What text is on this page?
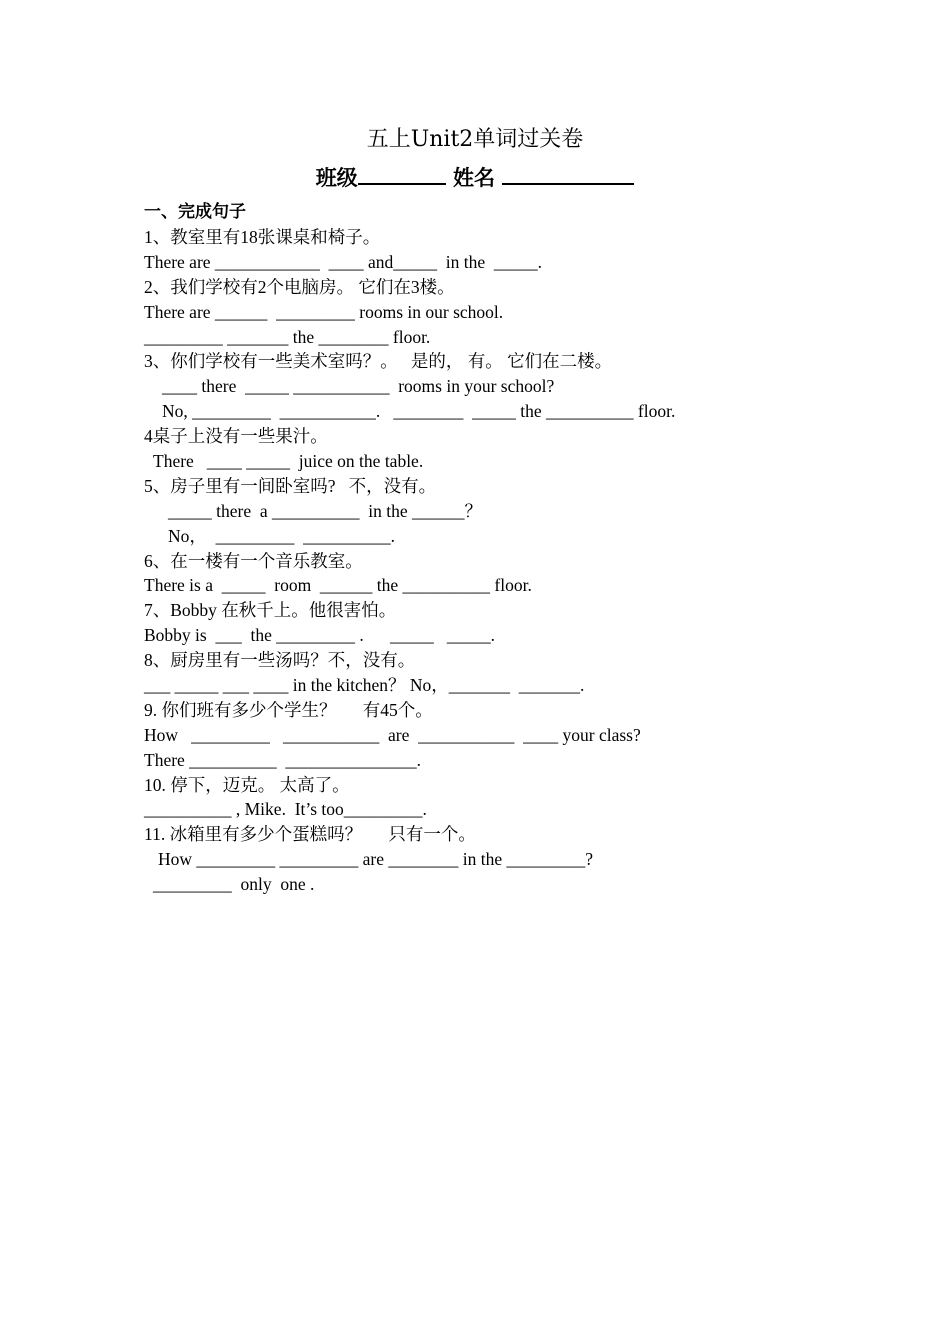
五上Unit2单词过关卷
班级	姓名
一、完成句子
1、教室里有18张课桌和椅子。
There are ____________  ____ and_____  in the  _____.
2、我们学校有2个电脑房。 它们在3楼。
There are ______  _________ rooms in our school.
_________ _______ the ________ floor.
3、你们学校有一些美术室吗？。   是的， 有。 它们在二楼。
____ there  _____ ___________  rooms in your school?
No, _________  ___________.   ________  _____ the __________ floor.
4桌子上没有一些果汁。
There   ____ _____  juice on the table.
5、房子里有一间卧室吗?   不，没有。
_____ there  a __________  in the ______？
No，  _________  __________.
6、在一楼有一个音乐教室。
There is a  _____  room  ______ the __________ floor.
7、Bobby 在秋千上。他很害怕。
Bobby is  ___  the _________ .      _____   _____.
8、厨房里有一些汤吗？不，没有。
___ _____ ___ ____ in the kitchen？ No，_______  _______.
9. 你们班有多少个学生？      有45个。
How   _________   ___________  are  ___________  ____ your class?
There __________  _______________.
10. 停下，迈克。 太高了。
__________ , Mike.  It’s too_________.
11. 冰箱里有多少个蛋糕吗？      只有一个。
How _________ _________ are ________ in the _________?
_________  only  one .
